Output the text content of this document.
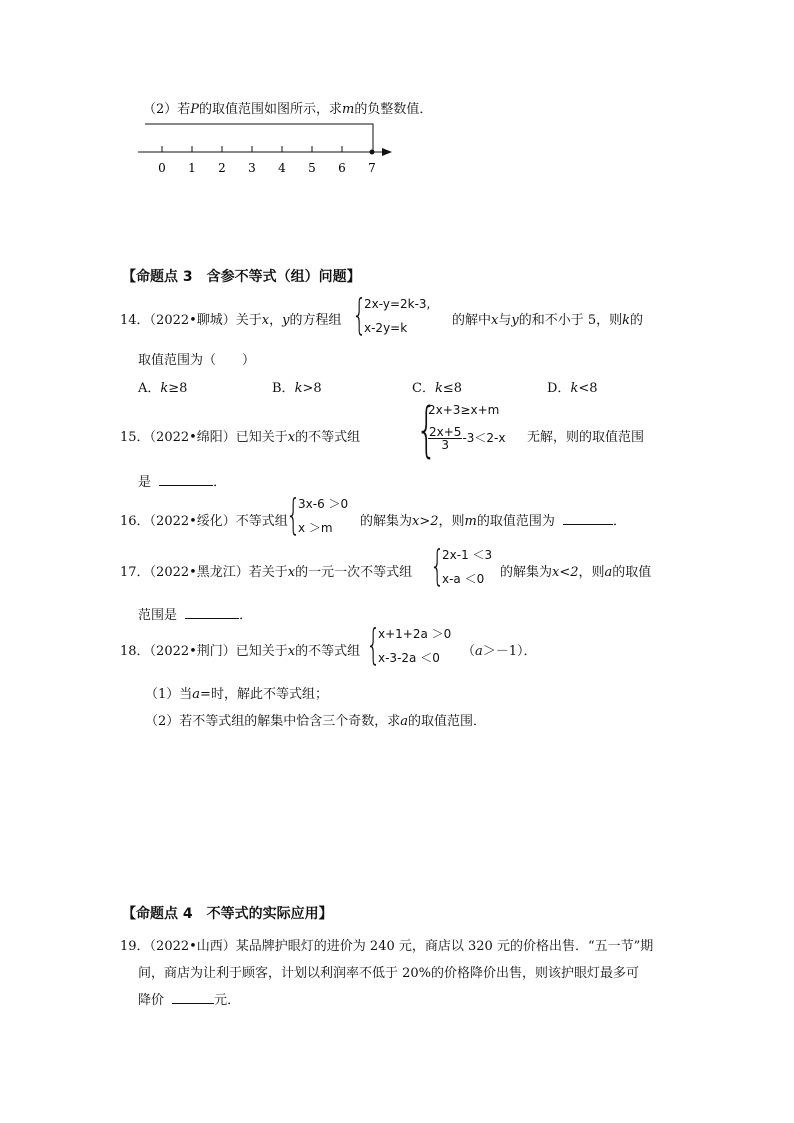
（2）若P的取值范围如图所示，求m的负整数值．
0 1 2 3 4 5 6 7
【命题点 3　含参不等式（组）问题】
14．（2022•聊城）关于x，y的方程组 {
2x-y=2k-3,
x-2y=k	的解中x与y的和不小于 5，则k的
取值范围为（　　）
A．k≥8	B．k>8	C．k≤8	D．k<8
15．（2022•绵阳）已知关于x的不等式组 {
2x+3≥x+m
$\frac{2x+5}{3} -3<2-x$ 无解，则的取值范围
是	．
16．（2022•绥化）不等式组
{
3x-6 ＞0
x ＞m 的解集为x>2，则m的取值范围为	．
17．（2022•黑龙江）若关于x的一元一次不等式组 {
2x-1 ＜3
x-a ＜0 的解集为x<2，则a的取值
范围是	．
18．（2022•荆门）已知关于x的不等式组 {
x+1+2a ＞0
x-3-2a ＜0 （a＞－1）．
（1）当a=时，解此不等式组；
（2）若不等式组的解集中恰含三个奇数，求a的取值范围．
【命题点 4　不等式的实际应用】
19．（2022•山西）某品牌护眼灯的进价为 240 元，商店以 320 元的价格出售．“五一节”期
间，商店为让利于顾客，计划以利润率不低于 20%的价格降价出售，则该护眼灯最多可
降价	元．
